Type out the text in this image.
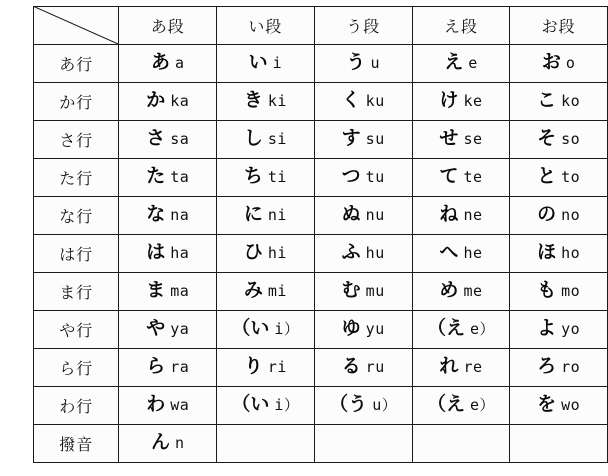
	あ段	い段	う段	え段	お段
あ行	あ a	い i	う u	え e	お o
か行	か ka	き ki	く ku	け ke	こ ko
さ行	さ sa	し si	す su	せ se	そ so
た行	た ta	ち ti	つ tu	て te	と to
な行	な na	に ni	ぬ nu	ね ne	の no
は行	は ha	ひ hi	ふ hu	へ he	ほ ho
ま行	ま ma	み mi	む mu	め me	も mo
や行	や ya	（い i）	ゆ yu	（え e）	よ yo
ら行	ら ra	り ri	る ru	れ re	ろ ro
わ行	わ wa	（い i）	（う u）	（え e）	を wo
撥音	ん n				
